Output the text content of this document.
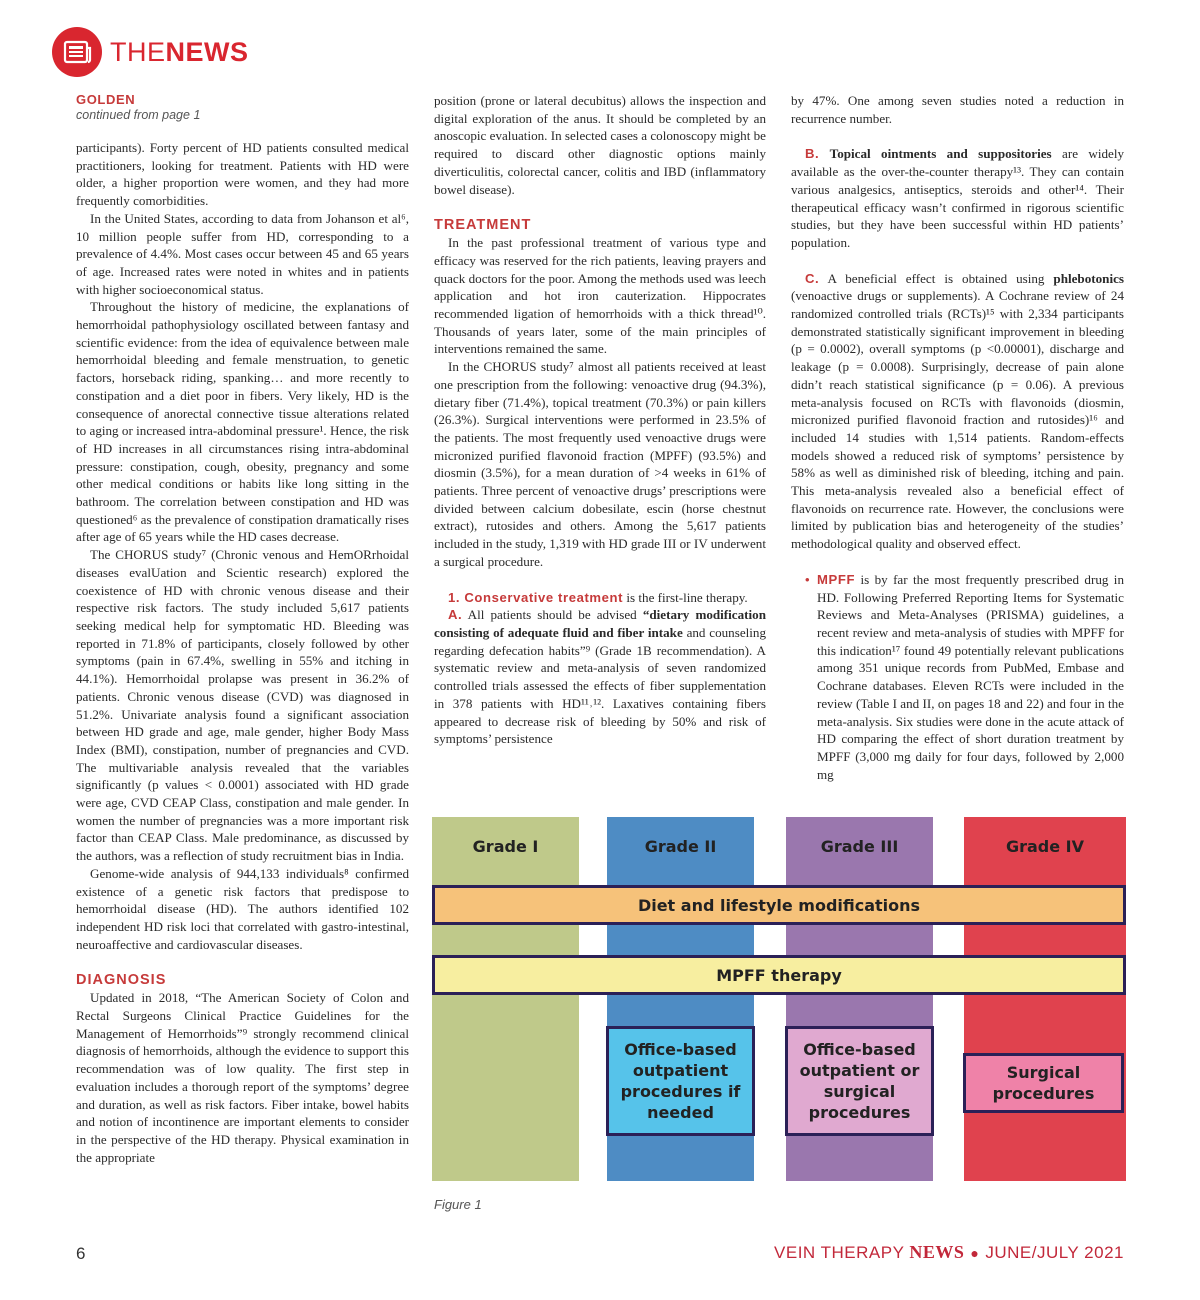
THENEWS
GOLDEN
continued from page 1

participants). Forty percent of HD patients consulted medical practitioners, looking for treatment. Patients with HD were older, a higher proportion were women, and they had more frequently comorbidities.

In the United States, according to data from Johanson et al⁶, 10 million people suffer from HD, corresponding to a prevalence of 4.4%. Most cases occur between 45 and 65 years of age. Increased rates were noted in whites and in patients with higher socioeconomical status.

Throughout the history of medicine, the explanations of hemorrhoidal pathophysiology oscillated between fantasy and scientific evidence: from the idea of equivalence between male hemorrhoidal bleeding and female menstruation, to genetic factors, horseback riding, spanking… and more recently to constipation and a diet poor in fibers. Very likely, HD is the consequence of anorectal connective tissue alterations related to aging or increased intra-abdominal pressure¹. Hence, the risk of HD increases in all circumstances rising intra-abdominal pressure: constipation, cough, obesity, pregnancy and some other medical conditions or habits like long sitting in the bathroom. The correlation between constipation and HD was questioned⁶ as the prevalence of constipation dramatically rises after age of 65 years while the HD cases decrease.

The CHORUS study⁷ (Chronic venous and HemORrhoidal diseases evalUation and Scientic research) explored the coexistence of HD with chronic venous disease and their respective risk factors. The study included 5,617 patients seeking medical help for symptomatic HD. Bleeding was reported in 71.8% of participants, closely followed by other symptoms (pain in 67.4%, swelling in 55% and itching in 44.1%). Hemorrhoidal prolapse was present in 36.2% of patients. Chronic venous disease (CVD) was diagnosed in 51.2%. Univariate analysis found a significant association between HD grade and age, male gender, higher Body Mass Index (BMI), constipation, number of pregnancies and CVD. The multivariable analysis revealed that the variables significantly (p values < 0.0001) associated with HD grade were age, CVD CEAP Class, constipation and male gender. In women the number of pregnancies was a more important risk factor than CEAP Class. Male predominance, as discussed by the authors, was a reflection of study recruitment bias in India.

Genome-wide analysis of 944,133 individuals⁸ confirmed existence of a genetic risk factors that predispose to hemorrhoidal disease (HD). The authors identified 102 independent HD risk loci that correlated with gastro-intestinal, neuroaffective and cardiovascular diseases.

DIAGNOSIS

Updated in 2018, “The American Society of Colon and Rectal Surgeons Clinical Practice Guidelines for the Management of Hemorrhoids”⁹ strongly recommend clinical diagnosis of hemorrhoids, although the evidence to support this recommendation was of low quality. The first step in evaluation includes a thorough report of the symptoms’ degree and duration, as well as risk factors. Fiber intake, bowel habits and notion of incontinence are important elements to consider in the perspective of the HD therapy. Physical examination in the appropriate

position (prone or lateral decubitus) allows the inspection and digital exploration of the anus. It should be completed by an anoscopic evaluation. In selected cases a colonoscopy might be required to discard other diagnostic options mainly diverticulitis, colorectal cancer, colitis and IBD (inflammatory bowel disease).

TREATMENT

In the past professional treatment of various type and efficacy was reserved for the rich patients, leaving prayers and quack doctors for the poor. Among the methods used was leech application and hot iron cauterization. Hippocrates recommended ligation of hemorrhoids with a thick thread¹⁰. Thousands of years later, some of the main principles of interventions remained the same.

In the CHORUS study⁷ almost all patients received at least one prescription from the following: venoactive drug (94.3%), dietary fiber (71.4%), topical treatment (70.3%) or pain killers (26.3%). Surgical interventions were performed in 23.5% of the patients. The most frequently used venoactive drugs were micronized purified flavonoid fraction (MPFF) (93.5%) and diosmin (3.5%), for a mean duration of >4 weeks in 61% of patients. Three percent of venoactive drugs’ prescriptions were divided between calcium dobesilate, escin (horse chestnut extract), rutosides and others. Among the 5,617 patients included in the study, 1,319 with HD grade III or IV underwent a surgical procedure.

1. Conservative treatment is the first-line therapy.

A. All patients should be advised “dietary modification consisting of adequate fluid and fiber intake and counseling regarding defecation habits”⁹ (Grade 1B recommendation). A systematic review and meta-analysis of seven randomized controlled trials assessed the effects of fiber supplementation in 378 patients with HD¹¹˒¹². Laxatives containing fibers appeared to decrease risk of bleeding by 50% and risk of symptoms’ persistence

by 47%. One among seven studies noted a reduction in recurrence number.

B. Topical ointments and suppositories are widely available as the over-the-counter therapy¹³. They can contain various analgesics, antiseptics, steroids and other¹⁴. Their therapeutical efficacy wasn’t confirmed in rigorous scientific studies, but they have been successful within HD patients’ population.

C. A beneficial effect is obtained using phlebotonics (venoactive drugs or supplements). A Cochrane review of 24 randomized controlled trials (RCTs)¹⁵ with 2,334 participants demonstrated statistically significant improvement in bleeding (p = 0.0002), overall symptoms (p <0.00001), discharge and leakage (p = 0.0008). Surprisingly, decrease of pain alone didn’t reach statistical significance (p = 0.06). A previous meta-analysis focused on RCTs with flavonoids (diosmin, micronized purified flavonoid fraction and rutosides)¹⁶ and included 14 studies with 1,514 patients. Random-effects models showed a reduced risk of symptoms’ persistence by 58% as well as diminished risk of bleeding, itching and pain. This meta-analysis revealed also a beneficial effect of flavonoids on recurrence rate. However, the conclusions were limited by publication bias and heterogeneity of the studies’ methodological quality and observed effect.

• MPFF is by far the most frequently prescribed drug in HD. Following Preferred Reporting Items for Systematic Reviews and Meta-Analyses (PRISMA) guidelines, a recent review and meta-analysis of studies with MPFF for this indication¹⁷ found 49 potentially relevant publications among 351 unique records from PubMed, Embase and Cochrane databases. Eleven RCTs were included in the review (Table I and II, on pages 18 and 22) and four in the meta-analysis. Six studies were done in the acute attack of HD comparing the effect of short duration treatment by MPFF (3,000 mg daily for four days, followed by 2,000 mg

Grade I	Grade II	Grade III	Grade IV
Diet and lifestyle modifications
MPFF therapy
Office-based outpatient procedures if needed
Office-based outpatient or surgical procedures
Surgical procedures
Figure 1
6	VEIN THERAPY NEWS ● JUNE/JULY 2021
